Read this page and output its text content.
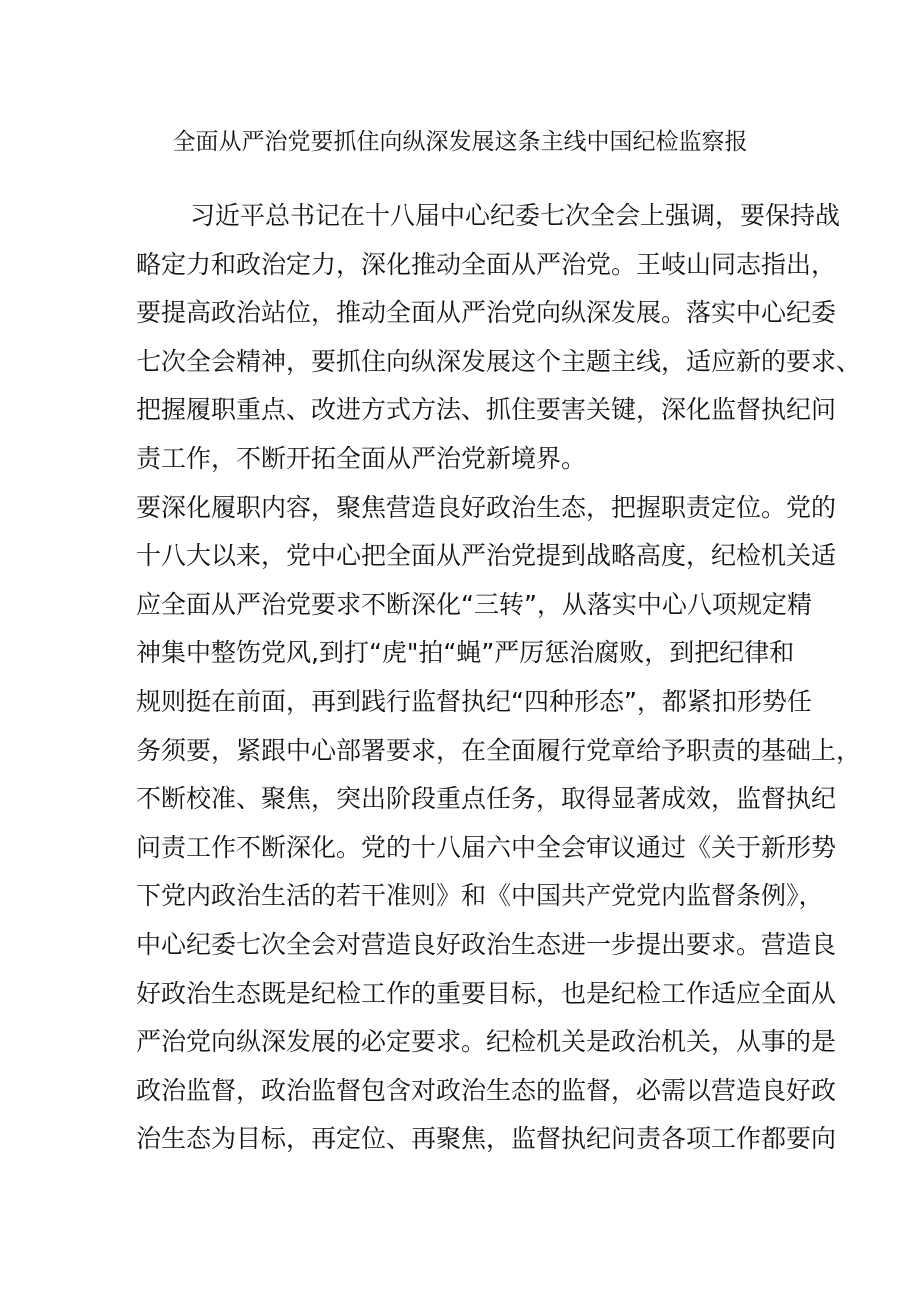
全面从严治党要抓住向纵深发展这条主线中国纪检监察报
习近平总书记在十八届中心纪委七次全会上强调，要保持战
略定力和政治定力，深化推动全面从严治党。王岐山同志指出，
要提高政治站位，推动全面从严治党向纵深发展。落实中心纪委
七次全会精神，要抓住向纵深发展这个主题主线，适应新的要求、
把握履职重点、改进方式方法、抓住要害关键，深化监督执纪问
责工作，不断开拓全面从严治党新境界。
要深化履职内容，聚焦营造良好政治生态，把握职责定位。党的
十八大以来，党中心把全面从严治党提到战略高度，纪检机关适
应全面从严治党要求不断深化“三转”，从落实中心八项规定精
神集中整饬党风,到打“虎"拍“蝇”严厉惩治腐败，到把纪律和
规则挺在前面，再到践行监督执纪“四种形态”，都紧扣形势任
务须要，紧跟中心部署要求，在全面履行党章给予职责的基础上，
不断校准、聚焦，突出阶段重点任务，取得显著成效，监督执纪
问责工作不断深化。党的十八届六中全会审议通过《关于新形势
下党内政治生活的若干准则》和《中国共产党党内监督条例》，
中心纪委七次全会对营造良好政治生态进一步提出要求。营造良
好政治生态既是纪检工作的重要目标，也是纪检工作适应全面从
严治党向纵深发展的必定要求。纪检机关是政治机关，从事的是
政治监督，政治监督包含对政治生态的监督，必需以营造良好政
治生态为目标，再定位、再聚焦，监督执纪问责各项工作都要向
